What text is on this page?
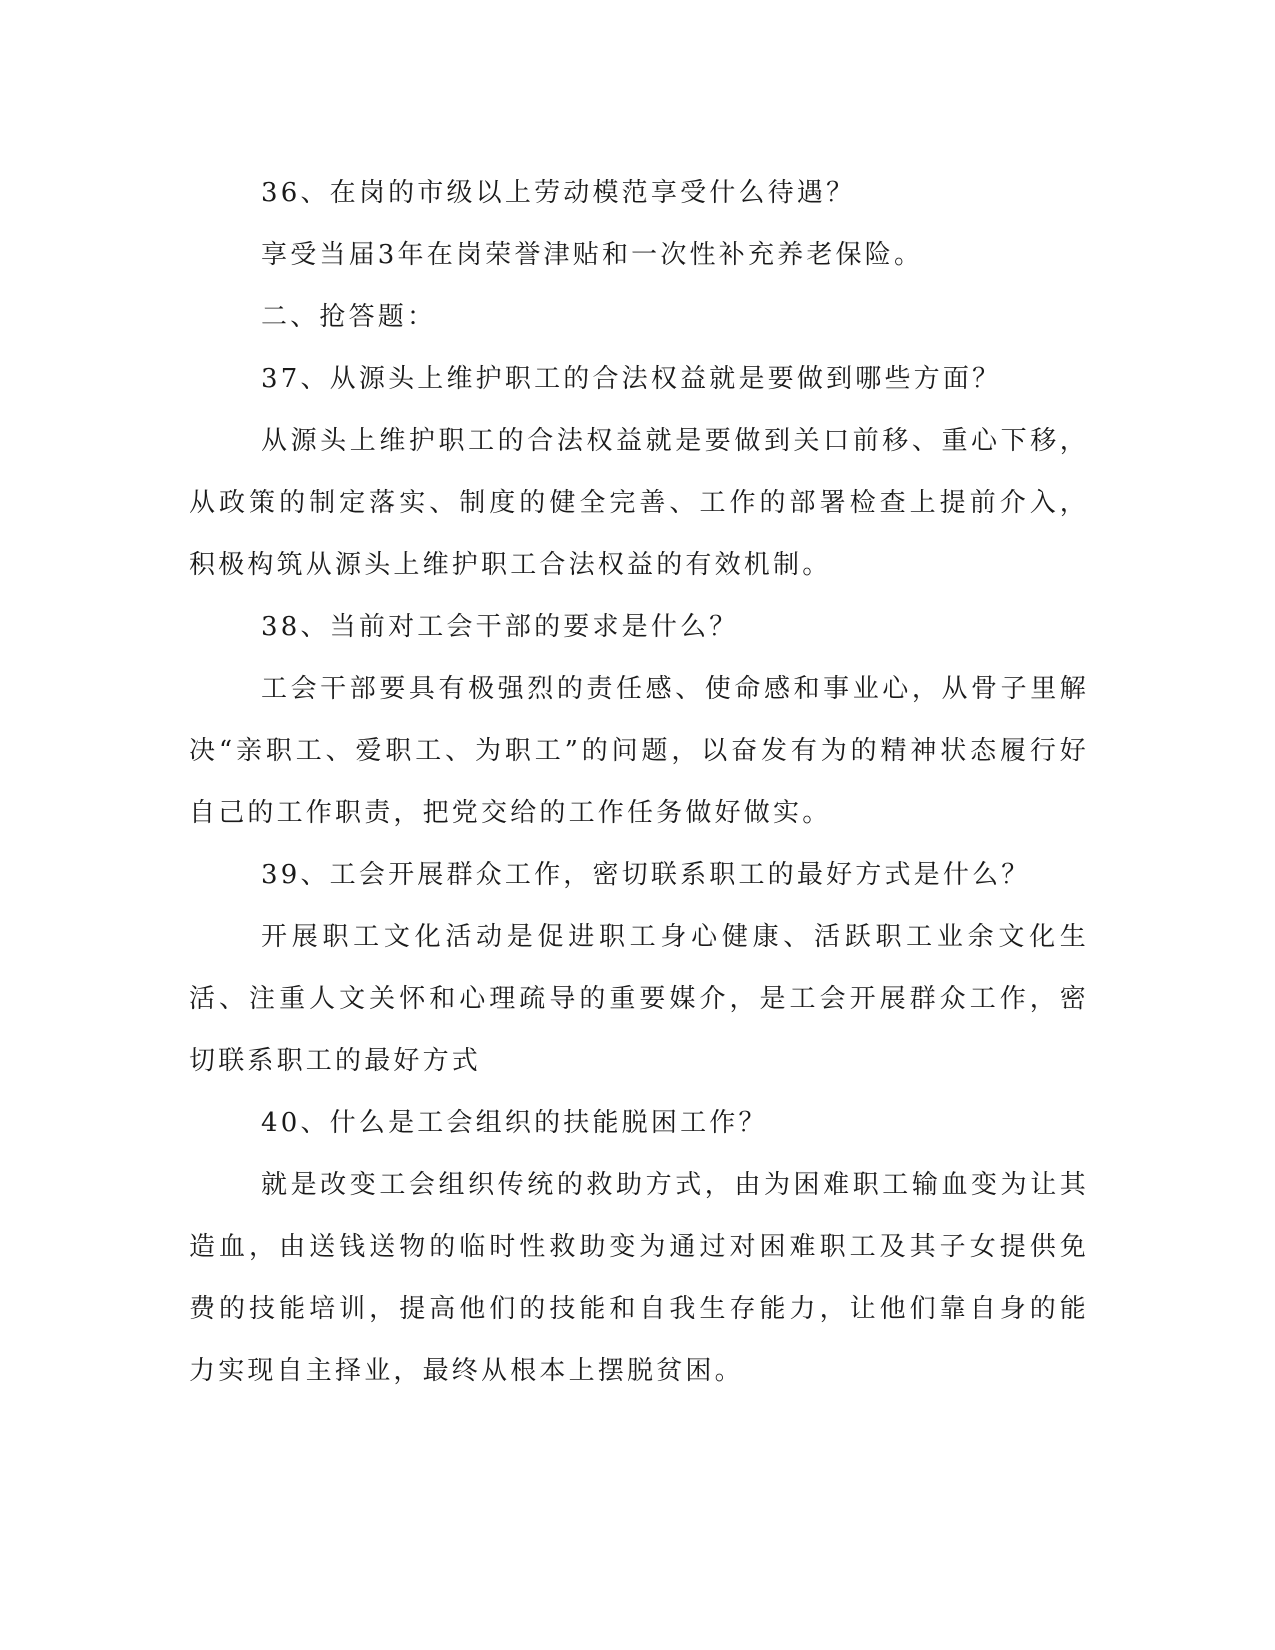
36、在岗的市级以上劳动模范享受什么待遇？

享受当届3年在岗荣誉津贴和一次性补充养老保险。

二、抢答题：

37、从源头上维护职工的合法权益就是要做到哪些方面？

从源头上维护职工的合法权益就是要做到关口前移、重心下移，从政策的制定落实、制度的健全完善、工作的部署检查上提前介入，积极构筑从源头上维护职工合法权益的有效机制。

38、当前对工会干部的要求是什么？

工会干部要具有极强烈的责任感、使命感和事业心，从骨子里解决“亲职工、爱职工、为职工”的问题，以奋发有为的精神状态履行好自己的工作职责，把党交给的工作任务做好做实。

39、工会开展群众工作，密切联系职工的最好方式是什么？

开展职工文化活动是促进职工身心健康、活跃职工业余文化生活、注重人文关怀和心理疏导的重要媒介，是工会开展群众工作，密切联系职工的最好方式

40、什么是工会组织的扶能脱困工作？

就是改变工会组织传统的救助方式，由为困难职工输血变为让其造血，由送钱送物的临时性救助变为通过对困难职工及其子女提供免费的技能培训，提高他们的技能和自我生存能力，让他们靠自身的能力实现自主择业，最终从根本上摆脱贫困。
